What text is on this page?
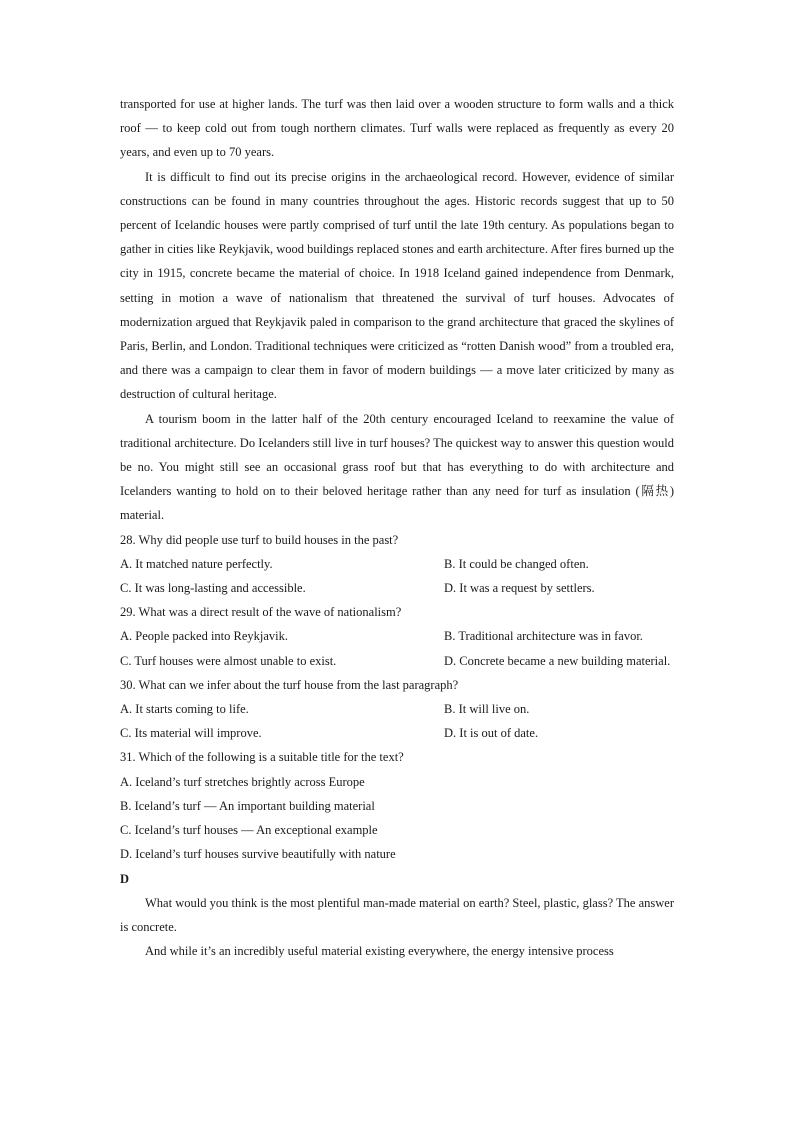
transported for use at higher lands. The turf was then laid over a wooden structure to form walls and a thick roof — to keep cold out from tough northern climates. Turf walls were replaced as frequently as every 20 years, and even up to 70 years.

It is difficult to find out its precise origins in the archaeological record. However, evidence of similar constructions can be found in many countries throughout the ages. Historic records suggest that up to 50 percent of Icelandic houses were partly comprised of turf until the late 19th century. As populations began to gather in cities like Reykjavik, wood buildings replaced stones and earth architecture. After fires burned up the city in 1915, concrete became the material of choice. In 1918 Iceland gained independence from Denmark, setting in motion a wave of nationalism that threatened the survival of turf houses. Advocates of modernization argued that Reykjavik paled in comparison to the grand architecture that graced the skylines of Paris, Berlin, and London. Traditional techniques were criticized as “rotten Danish wood” from a troubled era, and there was a campaign to clear them in favor of modern buildings — a move later criticized by many as destruction of cultural heritage.

A tourism boom in the latter half of the 20th century encouraged Iceland to reexamine the value of traditional architecture. Do Icelanders still live in turf houses? The quickest way to answer this question would be no. You might still see an occasional grass roof but that has everything to do with architecture and Icelanders wanting to hold on to their beloved heritage rather than any need for turf as insulation (隔热) material.

28. Why did people use turf to build houses in the past?

A. It matched nature perfectly.	B. It could be changed often.
C. It was long-lasting and accessible.	D. It was a request by settlers.

29. What was a direct result of the wave of nationalism?

A. People packed into Reykjavik.	B. Traditional architecture was in favor.
C. Turf houses were almost unable to exist.	D. Concrete became a new building material.

30. What can we infer about the turf house from the last paragraph?

A. It starts coming to life.	B. It will live on.
C. Its material will improve.	D. It is out of date.

31. Which of the following is a suitable title for the text?

A. Iceland’s turf stretches brightly across Europe
B. Iceland’s turf — An important building material
C. Iceland’s turf houses — An exceptional example
D. Iceland’s turf houses survive beautifully with nature

D

What would you think is the most plentiful man-made material on earth? Steel, plastic, glass? The answer is concrete.

And while it’s an incredibly useful material existing everywhere, the energy intensive process
